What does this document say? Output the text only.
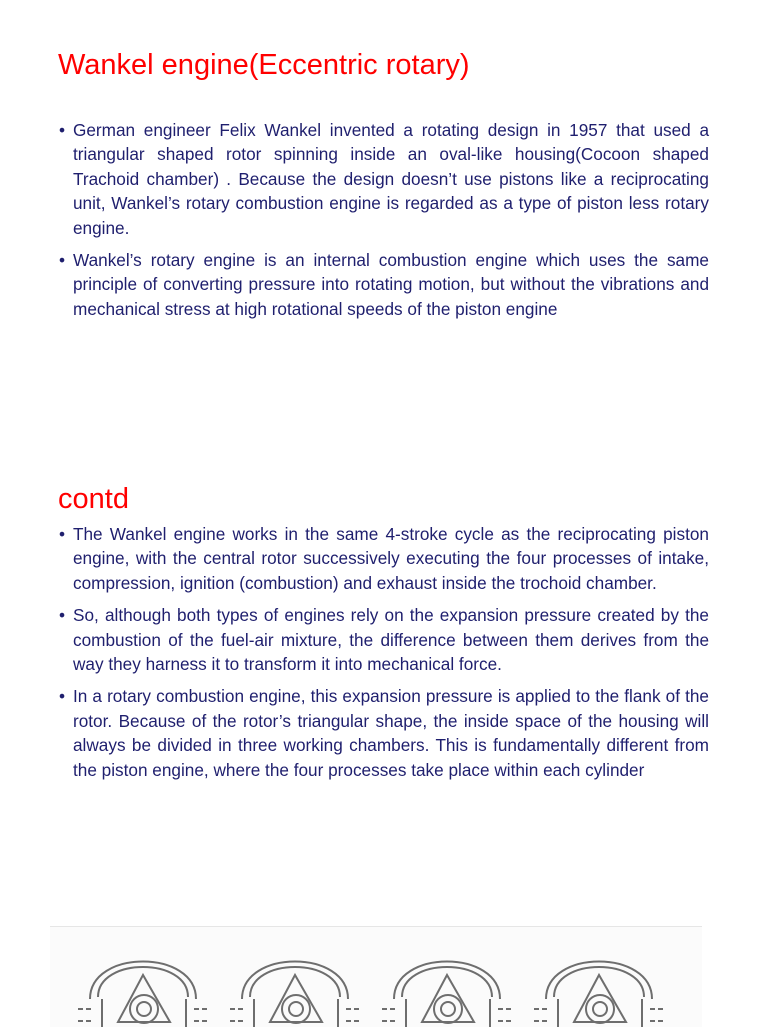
Wankel engine(Eccentric rotary)
• German engineer Felix Wankel invented a rotating design in 1957 that used a triangular shaped rotor spinning inside an oval-like housing(Cocoon shaped Trachoid chamber) . Because the design doesn’t use pistons like a reciprocating unit, Wankel’s rotary combustion engine is regarded as a type of piston less rotary engine.
• Wankel’s rotary engine is an internal combustion engine which uses the same principle of converting pressure into rotating motion, but without the vibrations and mechanical stress at high rotational speeds of the piston engine
contd
• The Wankel engine works in the same 4-stroke cycle as the reciprocating piston engine, with the central rotor successively executing the four processes of intake, compression, ignition (combustion) and exhaust inside the trochoid chamber.
• So, although both types of engines rely on the expansion pressure created by the combustion of the fuel-air mixture, the difference between them derives from the way they harness it to transform it into mechanical force.
• In a rotary combustion engine, this expansion pressure is applied to the flank of the rotor. Because of the rotor’s triangular shape, the inside space of the housing will always be divided in three working chambers. This is fundamentally different from the piston engine, where the four processes take place within each cylinder
